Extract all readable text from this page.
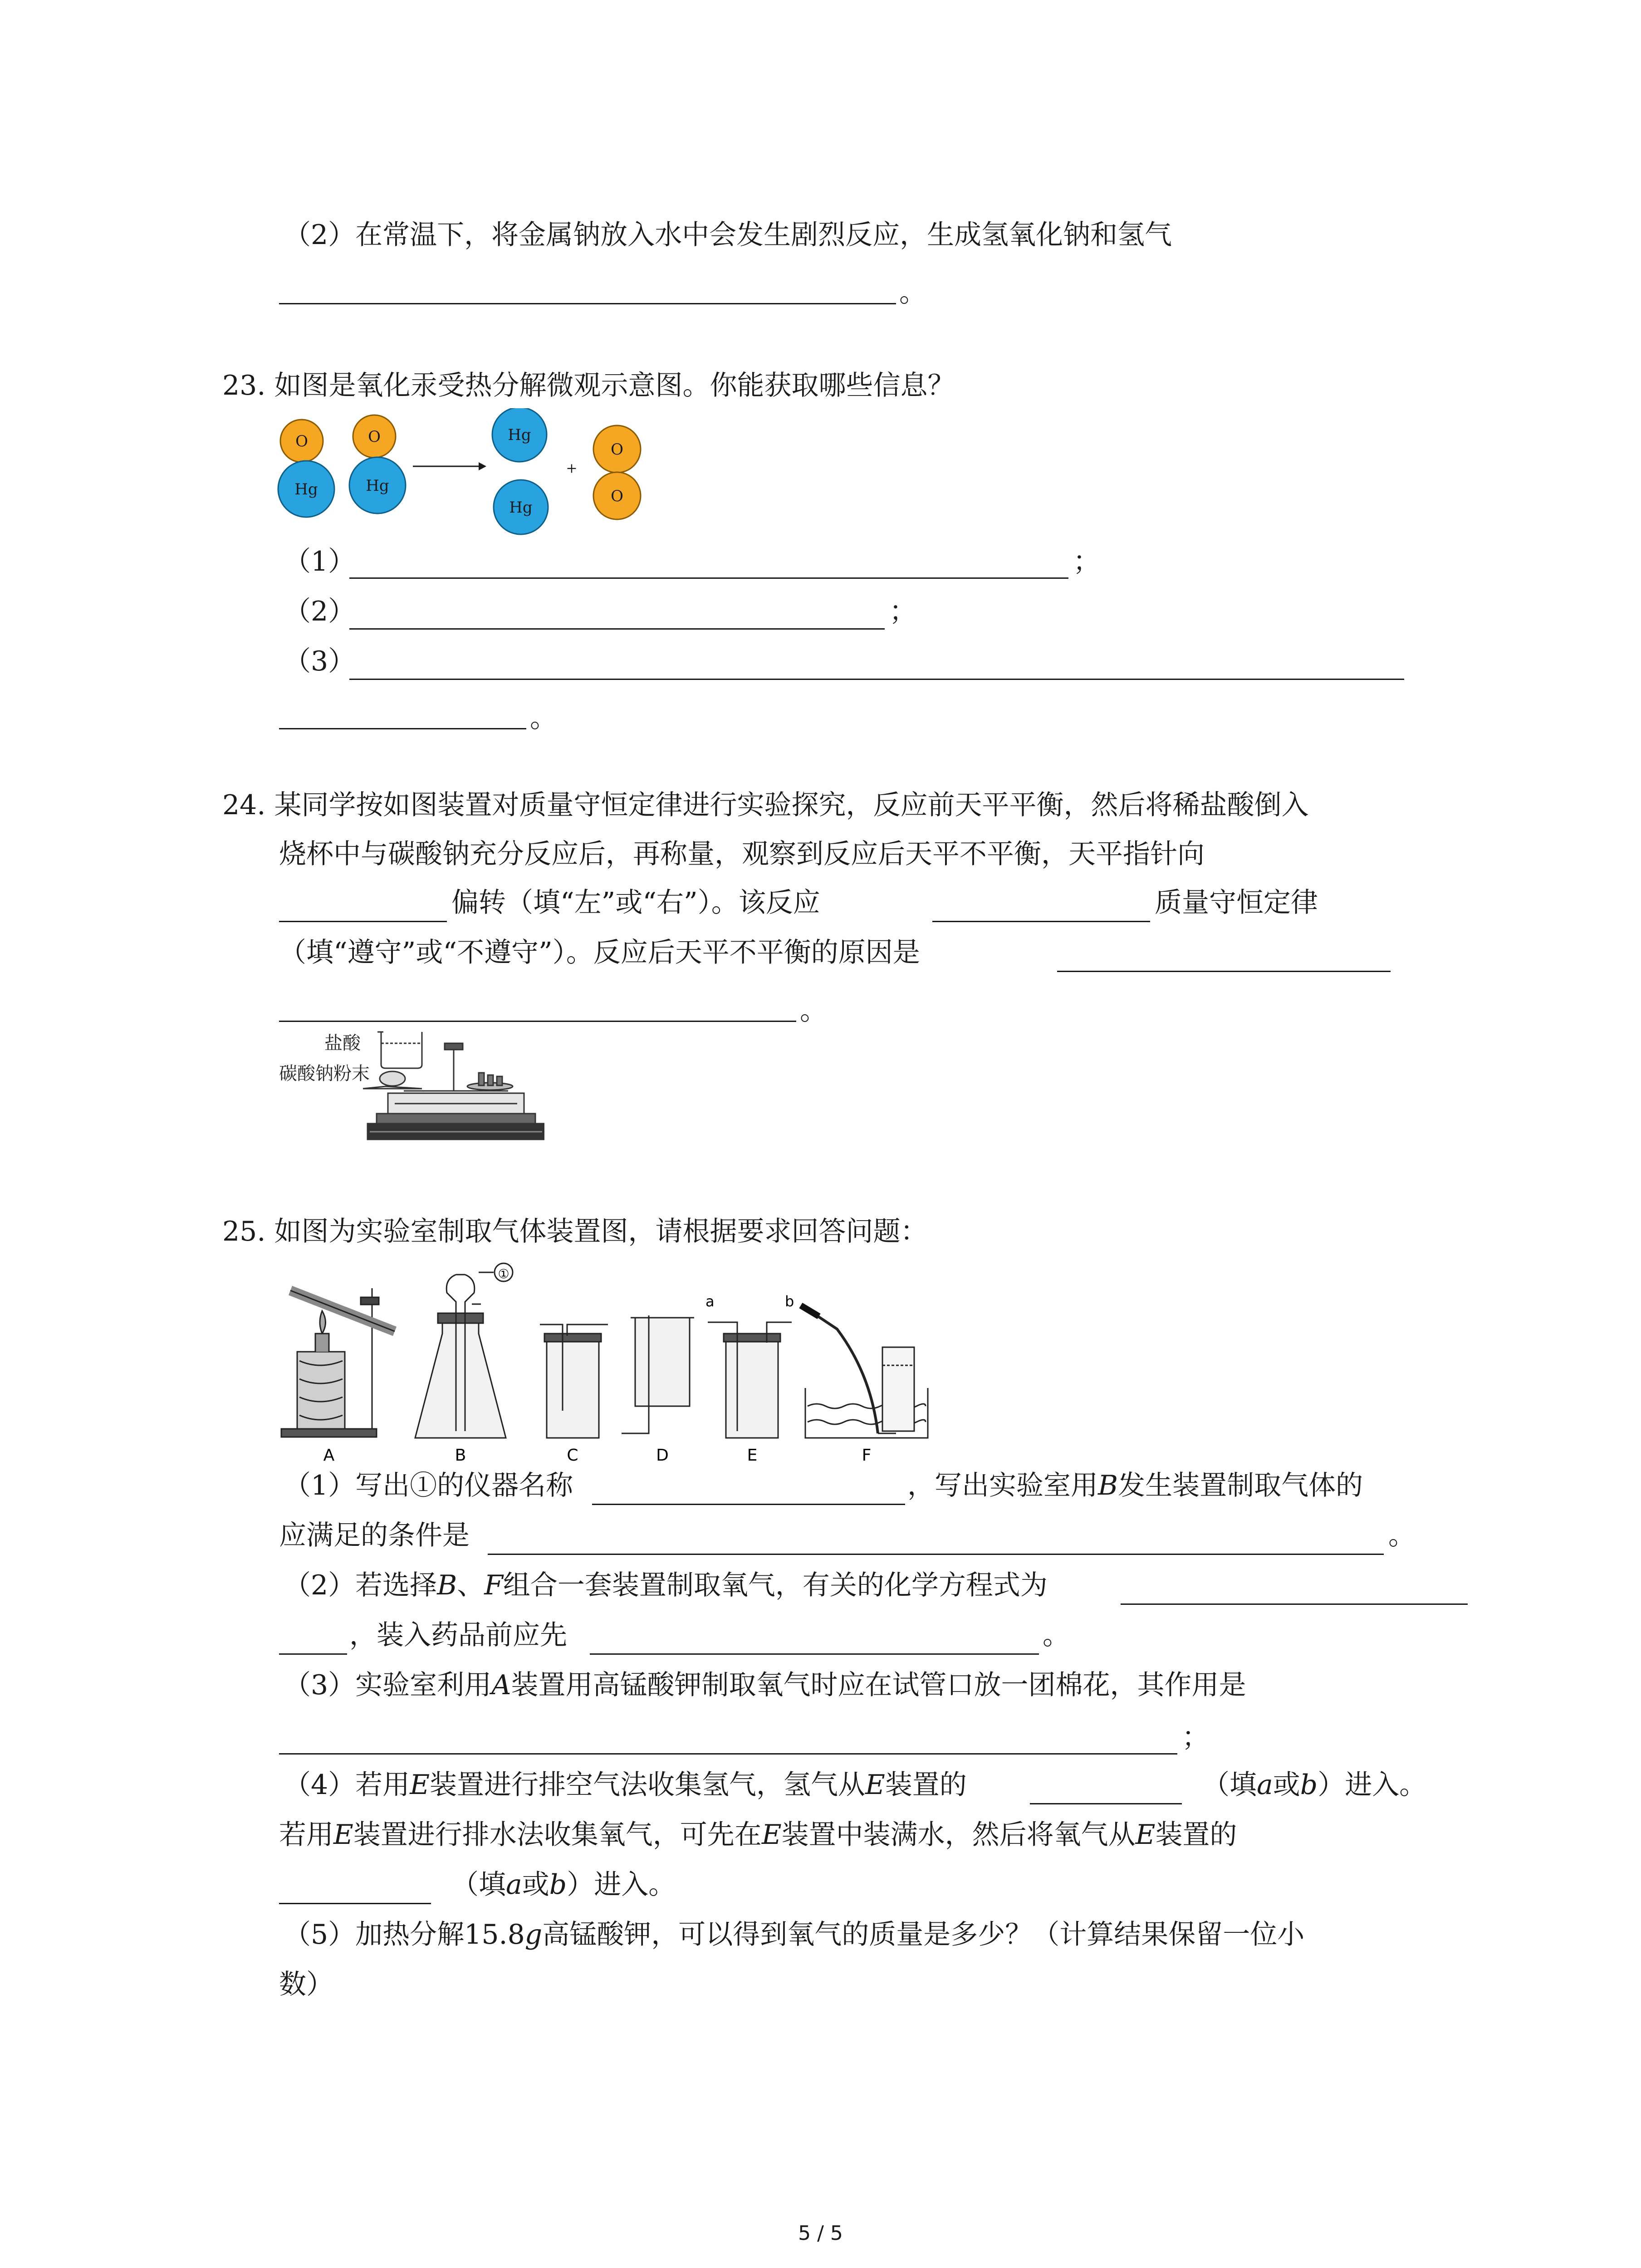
（2）在常温下，将金属钠放入水中会发生剧烈反应，生成氢氧化钠和氢气
。
23. 如图是氧化汞受热分解微观示意图。你能获取哪些信息？
O
Hg
O
Hg
Hg
Hg
+
O
O
（1）	；
（2）	；
（3）
。
24. 某同学按如图装置对质量守恒定律进行实验探究，反应前天平平衡，然后将稀盐酸倒入
烧杯中与碳酸钠充分反应后，再称量，观察到反应后天平不平衡，天平指针向
偏转（填“左”或“右”）。该反应	质量守恒定律
（填“遵守”或“不遵守”）。反应后天平不平衡的原因是
。
盐酸
碳酸钠粉末
25. 如图为实验室制取气体装置图，请根据要求回答问题：
A
①
B	C	D
a	b
E	F
（1）写出①的仪器名称	，写出实验室用B发生装置制取气体的
应满足的条件是	。
（2）若选择B、F组合一套装置制取氧气，有关的化学方程式为
，装入药品前应先	。
（3）实验室利用A装置用高锰酸钾制取氧气时应在试管口放一团棉花，其作用是
；
（4）若用E装置进行排空气法收集氢气，氢气从E装置的	（填a或b）进入。
若用E装置进行排水法收集氧气，可先在E装置中装满水，然后将氧气从E装置的
（填a或b）进入。
（5）加热分解15.8g高锰酸钾，可以得到氧气的质量是多少？（计算结果保留一位小
数）
5 / 5
